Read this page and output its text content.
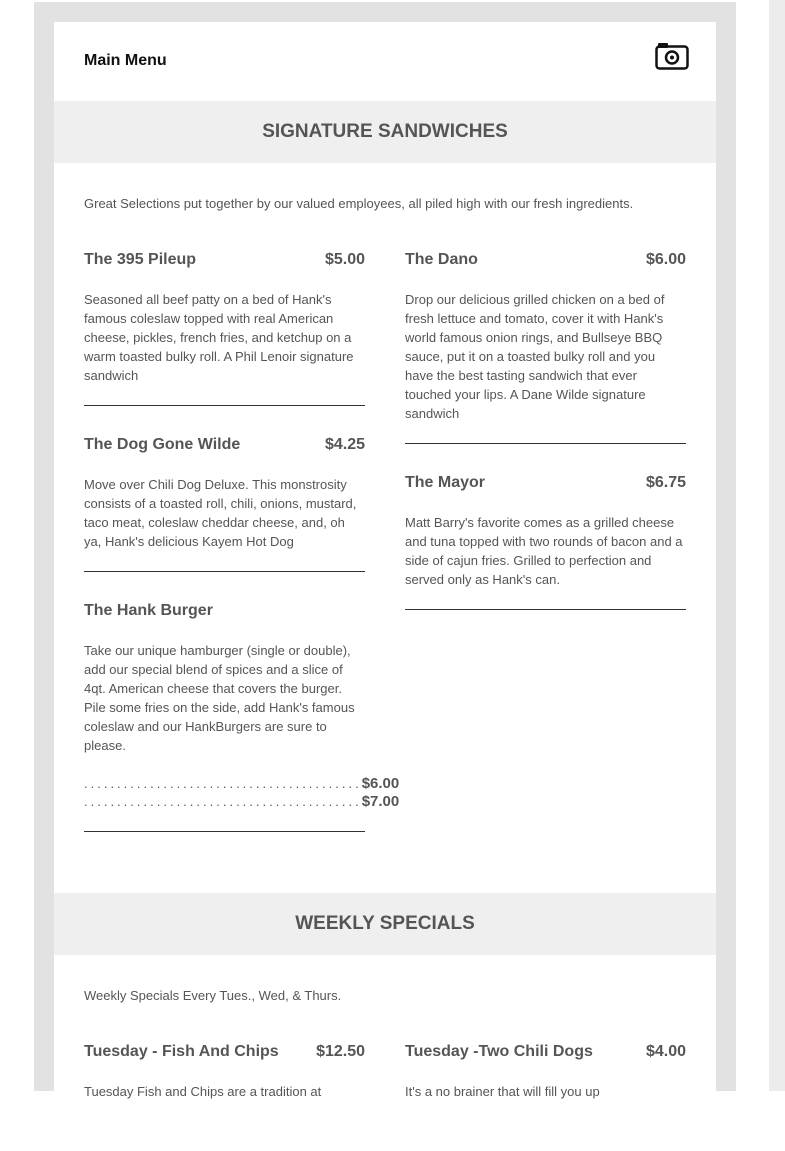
Main Menu
SIGNATURE SANDWICHES
Great Selections put together by our valued employees, all piled high with our fresh ingredients.
The 395 Pileup	$5.00
Seasoned all beef patty on a bed of Hank's famous coleslaw topped with real American cheese, pickles, french fries, and ketchup on a warm toasted bulky roll. A Phil Lenoir signature sandwich
The Dog Gone Wilde	$4.25
Move over Chili Dog Deluxe. This monstrosity consists of a toasted roll, chili, onions, mustard, taco meat, coleslaw cheddar cheese, and, oh ya, Hank's delicious Kayem Hot Dog
The Hank Burger
Take our unique hamburger (single or double), add our special blend of spices and a slice of 4qt. American cheese that covers the burger. Pile some fries on the side, add Hank's famous coleslaw and our HankBurgers are sure to please.
.......................................... $6.00
.......................................... $7.00
The Dano	$6.00
Drop our delicious grilled chicken on a bed of fresh lettuce and tomato, cover it with Hank's world famous onion rings, and Bullseye BBQ sauce, put it on a toasted bulky roll and you have the best tasting sandwich that ever touched your lips. A Dane Wilde signature sandwich
The Mayor	$6.75
Matt Barry's favorite comes as a grilled cheese and tuna topped with two rounds of bacon and a side of cajun fries. Grilled to perfection and served only as Hank's can.
WEEKLY SPECIALS
Weekly Specials Every Tues., Wed, & Thurs.
Tuesday - Fish And Chips $12.50
Tuesday Fish and Chips are a tradition at
Tuesday -Two Chili Dogs	$4.00
It's a no brainer that will fill you up
